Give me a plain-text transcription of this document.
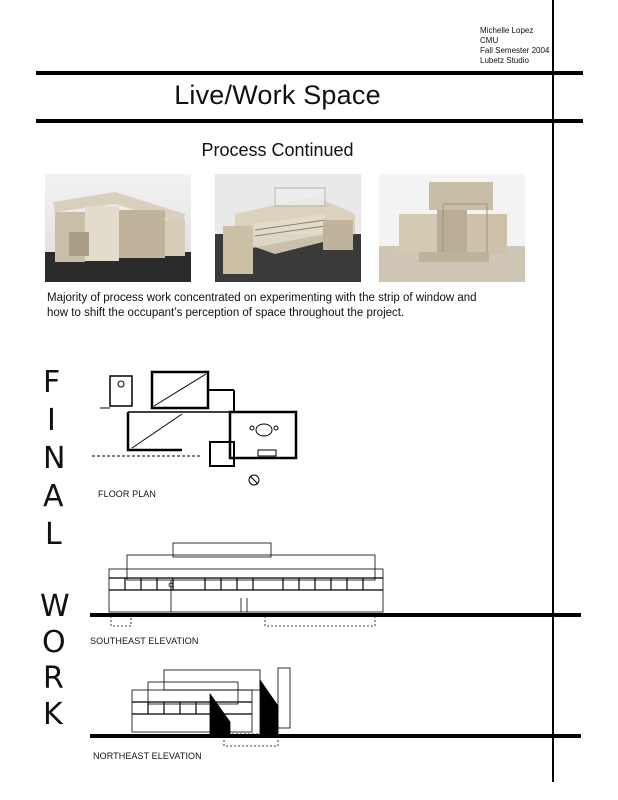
Michelle Lopez
CMU
Fall Semester 2004
Lubetz Studio
Live/Work Space
Process Continued
Majority of process work concentrated on experimenting with the strip of window and
how to shift the occupant’s perception of space throughout the project.
F
I
N
A
L
W
O
R
K
FLOOR PLAN
SOUTHEAST ELEVATION
NORTHEAST ELEVATION
